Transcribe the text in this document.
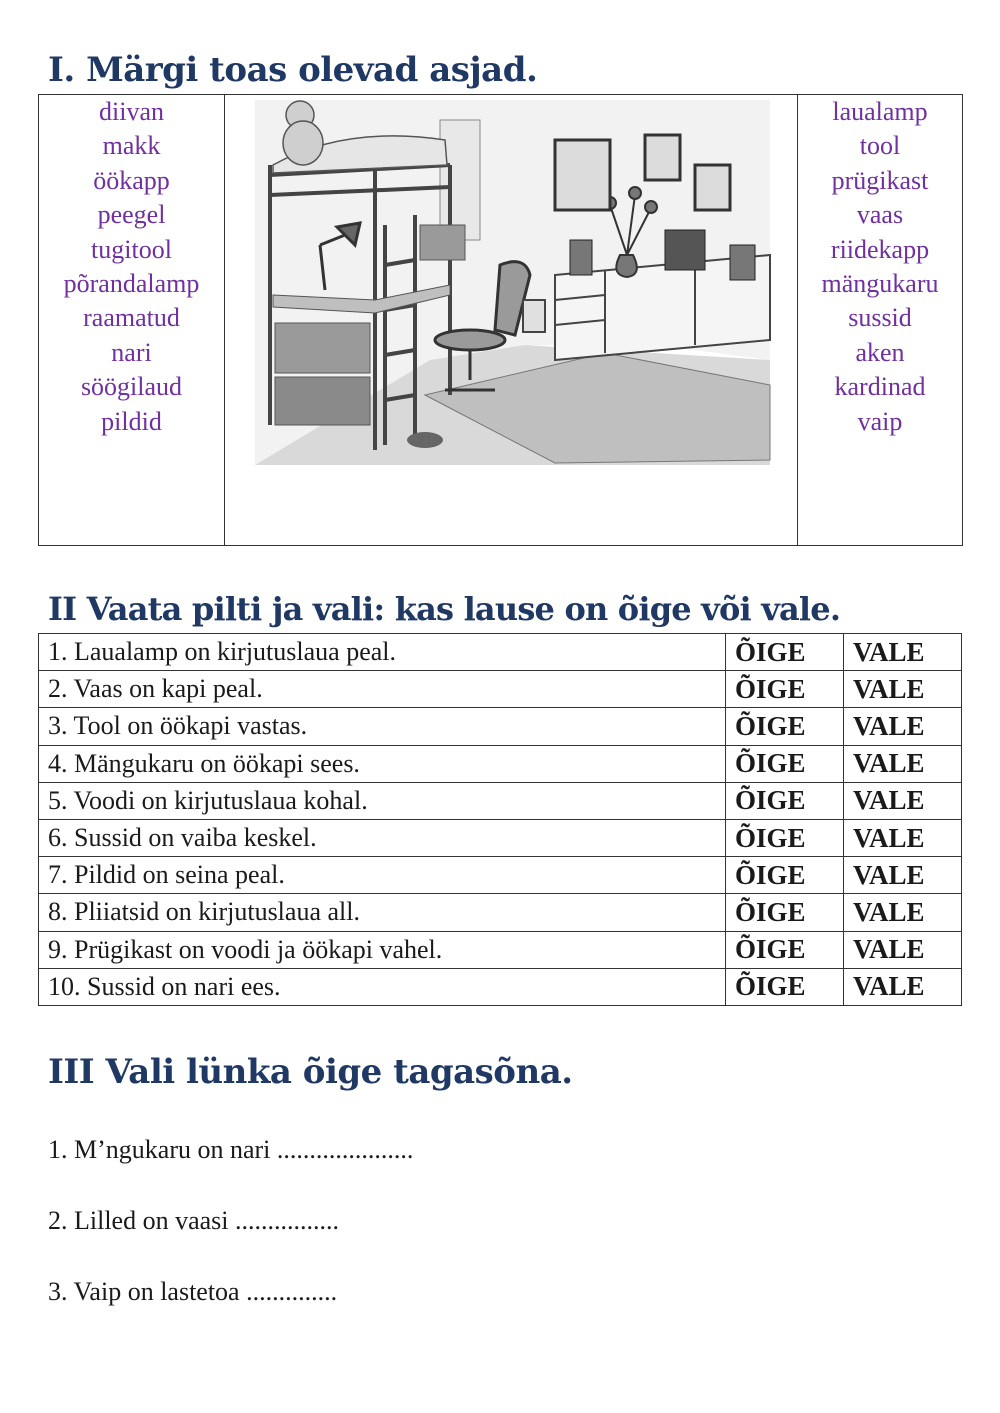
I. Märgi toas olevad asjad.
diivan
makk
öökapp
peegel
tugitool
põrandalamp
raamatud
nari
söögilaud
pildid

laualamp
tool
prügikast
vaas
riidekapp
mängukaru
sussid
aken
kardinad
vaip
II Vaata pilti ja vali: kas lause on õige või vale.
1. Laualamp on kirjutuslaua peal.	ÕIGE	VALE
2. Vaas on kapi peal.	ÕIGE	VALE
3. Tool on öökapi vastas.	ÕIGE	VALE
4. Mängukaru on öökapi sees.	ÕIGE	VALE
5. Voodi on kirjutuslaua kohal.	ÕIGE	VALE
6. Sussid on vaiba keskel.	ÕIGE	VALE
7. Pildid on seina peal.	ÕIGE	VALE
8. Pliiatsid on kirjutuslaua all.	ÕIGE	VALE
9. Prügikast on voodi ja öökapi vahel.	ÕIGE	VALE
10. Sussid on nari ees.	ÕIGE	VALE
III Vali lünka õige tagasõna.
1. M’ngukaru on nari .....................
2. Lilled on vaasi ................
3. Vaip on lastetoa ..............
